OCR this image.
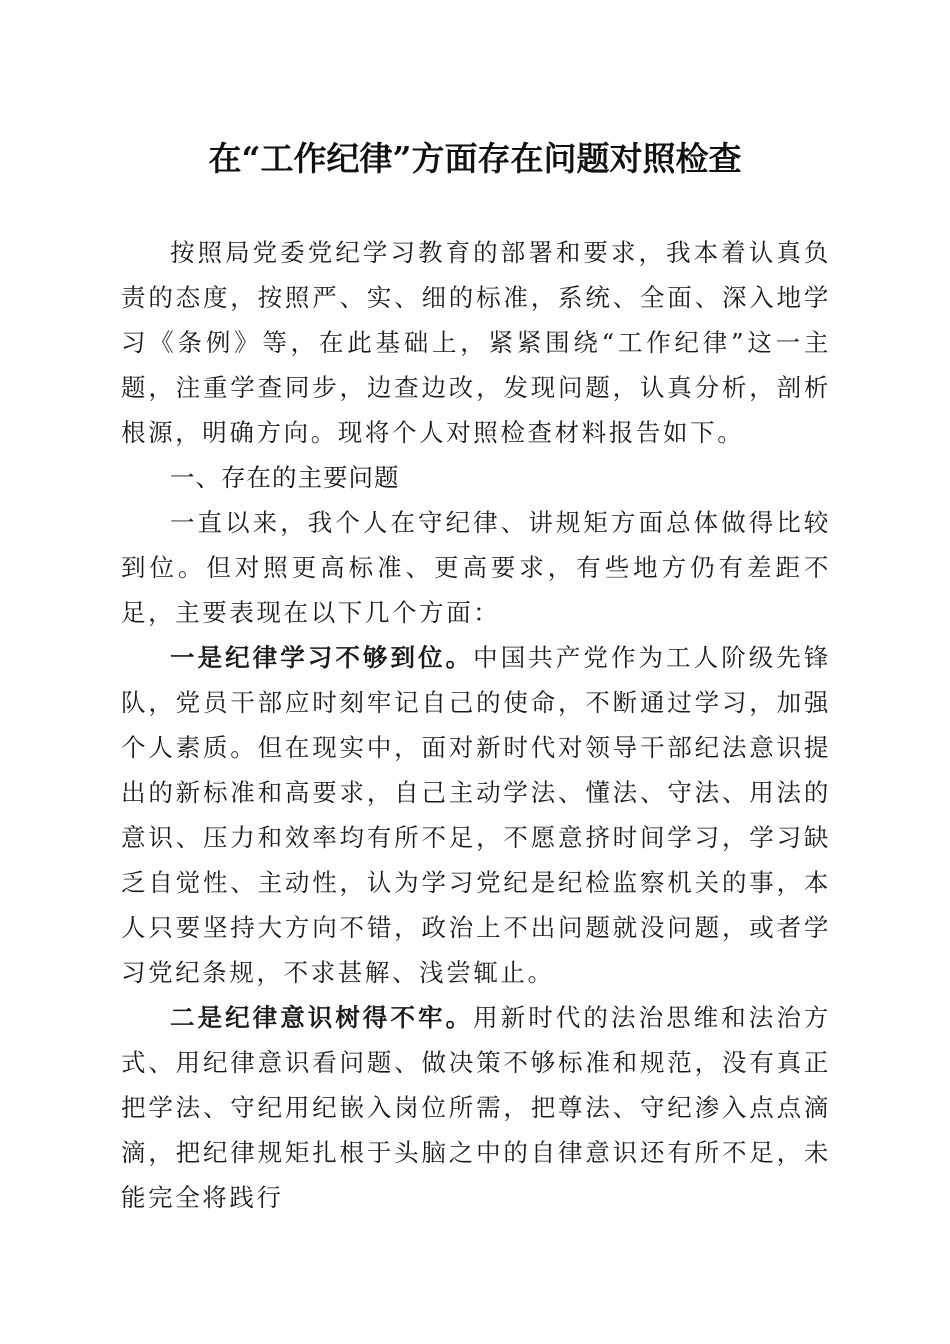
在“工作纪律”方面存在问题对照检查

按照局党委党纪学习教育的部署和要求，我本着认真负责的态度，按照严、实、细的标准，系统、全面、深入地学习《条例》等，在此基础上，紧紧围绕“工作纪律”这一主题，注重学查同步，边查边改，发现问题，认真分析，剖析根源，明确方向。现将个人对照检查材料报告如下。

一、存在的主要问题

一直以来，我个人在守纪律、讲规矩方面总体做得比较到位。但对照更高标准、更高要求，有些地方仍有差距不足，主要表现在以下几个方面：

一是纪律学习不够到位。中国共产党作为工人阶级先锋队，党员干部应时刻牢记自己的使命，不断通过学习，加强个人素质。但在现实中，面对新时代对领导干部纪法意识提出的新标准和高要求，自己主动学法、懂法、守法、用法的意识、压力和效率均有所不足，不愿意挤时间学习，学习缺乏自觉性、主动性，认为学习党纪是纪检监察机关的事，本人只要坚持大方向不错，政治上不出问题就没问题，或者学习党纪条规，不求甚解、浅尝辄止。

二是纪律意识树得不牢。用新时代的法治思维和法治方式、用纪律意识看问题、做决策不够标准和规范，没有真正把学法、守纪用纪嵌入岗位所需，把尊法、守纪渗入点点滴滴，把纪律规矩扎根于头脑之中的自律意识还有所不足，未能完全将践行
